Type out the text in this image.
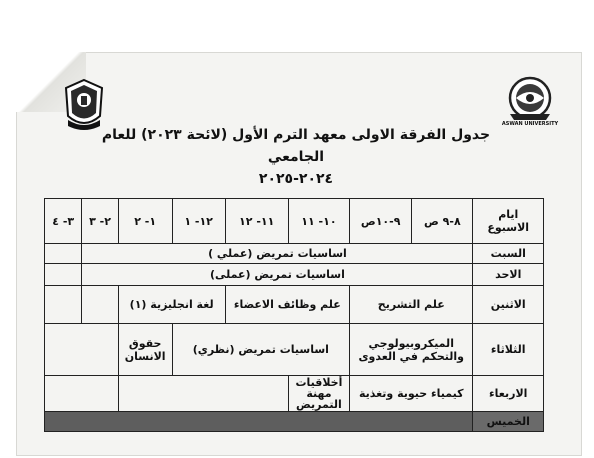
ASWAN UNIVERSITY
جدول الفرقة الاولى معهد الترم الأول (لائحة ٢٠٢٣) للعام الجامعي
٢٠٢٤-٢٠٢٥
ايام الاسبوع	٨-٩ ص	٩-١٠ص	١٠- ١١	١١- ١٢	١٢- ١	١- ٢	٢- ٣	٣- ٤
السبت	اساسيات تمريض (عملي )							
الاحد	اساسيات تمريض (عملى)							
الاثنين	علم التشريح		علم وظائف الاعضاء		لغة انجليزية (١)			
الثلاثاء	الميكروبيولوجي والتحكم في العدوى		اساسيات تمريض (نظري)			حقوق الانسان		
الاربعاء	كيمياء حيوية وتغذية		أخلاقيات مهنة التمريض					
الخميس								
